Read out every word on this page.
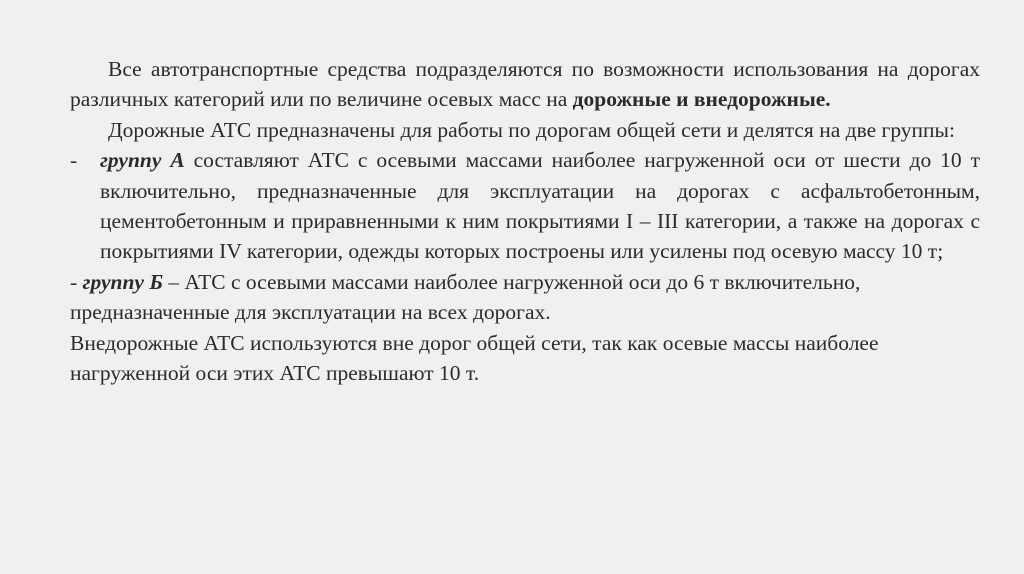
Все автотранспортные средства подразделяются по возможности использования на дорогах различных категорий или по величине осевых масс на дорожные и внедорожные.

Дорожные АТС предназначены для работы по дорогам общей сети и делятся на две группы:

-	группу А составляют АТС с осевыми массами наиболее нагруженной оси от шести до 10 т включительно, предназначенные для эксплуатации на дорогах с асфальтобетонным, цементобетонным и приравненными к ним покрытиями I – III категории, а также на дорогах с покрытиями IV категории, одежды которых построены или усилены под осевую массу 10 т;

- группу Б – АТС с осевыми массами наиболее нагруженной оси до 6 т включительно, предназначенные для эксплуатации на всех дорогах.

Внедорожные АТС используются вне дорог общей сети, так как осевые массы наиболее нагруженной оси этих АТС превышают 10 т.
